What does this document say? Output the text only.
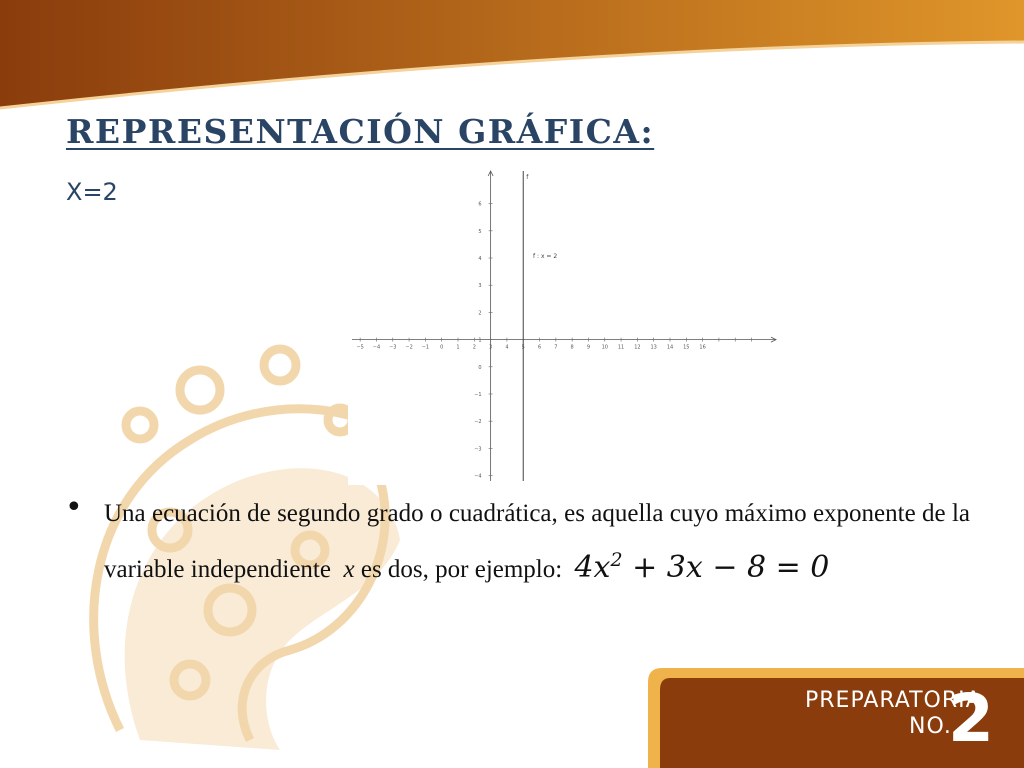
REPRESENTACIÓN GRÁFICA:
X=2
−5 −4 −3 −2 −1 0	1	2	3	4	5	6	7	8	9 10 11 12 13 14 15 16
−4
−3
−2
−1
0
1
2
3
4
5
6
f
f : x = 2
• Una ecuación de segundo grado o cuadrática, es aquella cuyo máximo exponente de la variable independiente x es dos, por ejemplo: $4x^2 + 3x - 8 = 0$
PREPARATORIA
NO.
2
